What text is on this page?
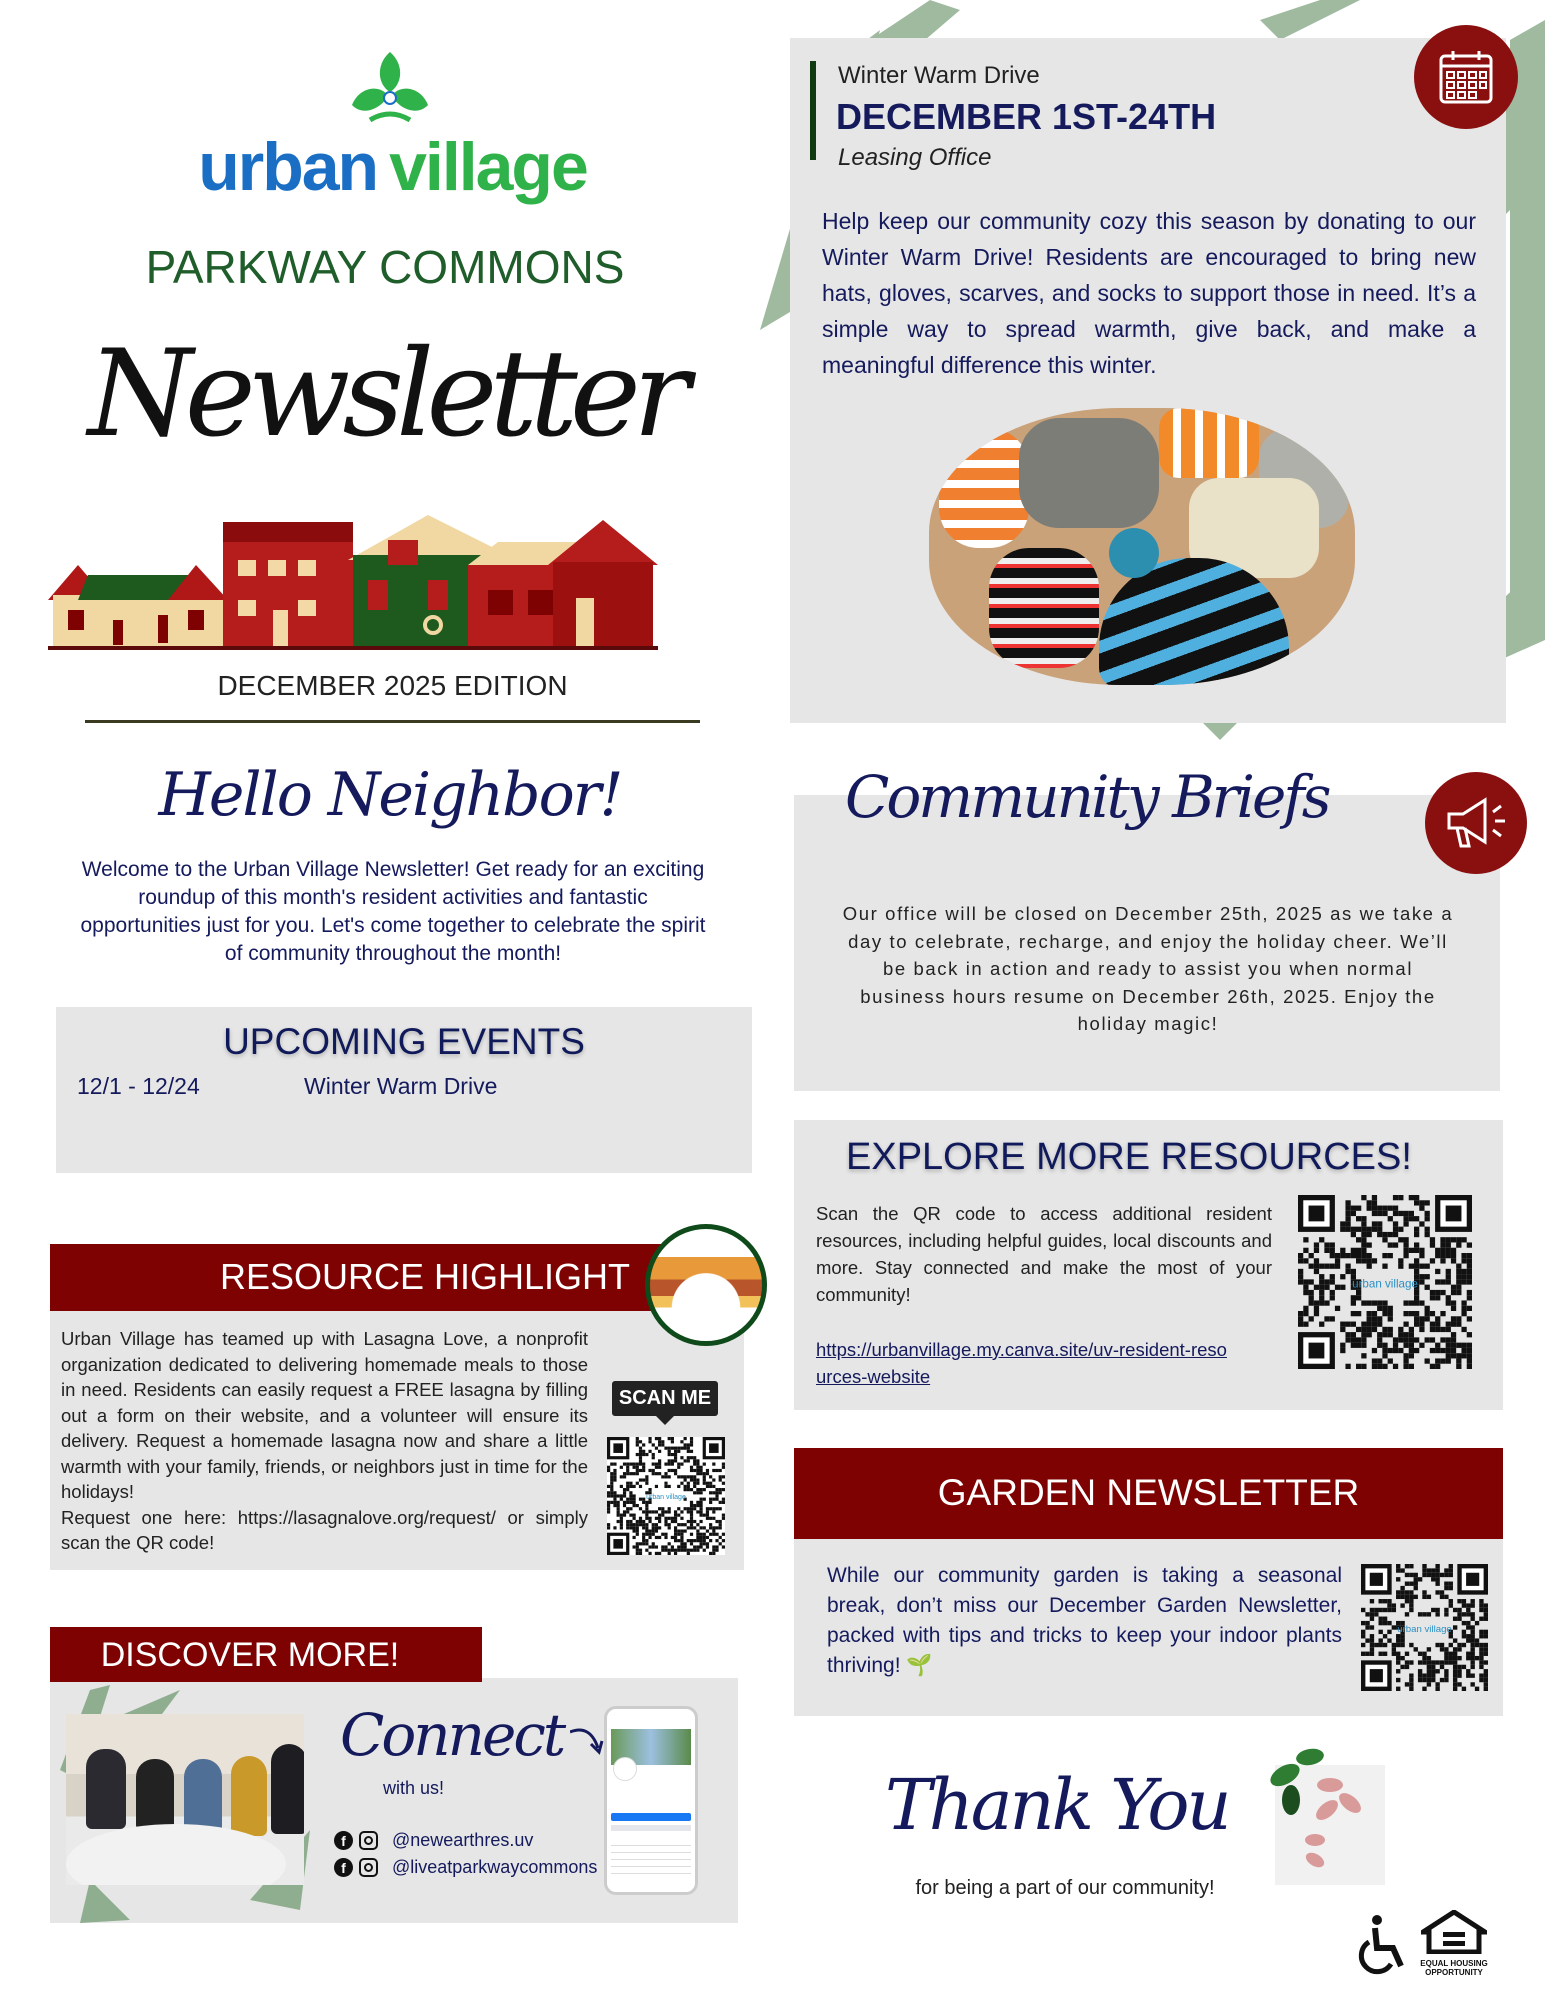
urban village
PARKWAY COMMONS
Newsletter
DECEMBER 2025 EDITION
Hello Neighbor!
Welcome to the Urban Village Newsletter! Get ready for an exciting roundup of this month's resident activities and fantastic opportunities just for you. Let's come together to celebrate the spirit of community throughout the month!
UPCOMING EVENTS
12/1 - 12/24	Winter Warm Drive
RESOURCE HIGHLIGHT
Urban Village has teamed up with Lasagna Love, a nonprofit organization dedicated to delivering homemade meals to those in need. Residents can easily request a FREE lasagna by filling out a form on their website, and a volunteer will ensure its delivery. Request a homemade lasagna now and share a little warmth with your family, friends, or neighbors just in time for the holidays!
Request one here: https://lasagnalove.org/request/ or simply scan the QR code!
SCAN ME
urban village
DISCOVER MORE!
Connect
with us!
f	@newearthres.uv
f	@liveatparkwaycommons
Winter Warm Drive
DECEMBER 1ST-24TH
Leasing Office
Help keep our community cozy this season by donating to our Winter Warm Drive! Residents are encouraged to bring new hats, gloves, scarves, and socks to support those in need. It’s a simple way to spread warmth, give back, and make a meaningful difference this winter.
Community Briefs
Our office will be closed on December 25th, 2025 as we take a day to celebrate, recharge, and enjoy the holiday cheer. We’ll be back in action and ready to assist you when normal business hours resume on December 26th, 2025. Enjoy the holiday magic!
EXPLORE MORE RESOURCES!
Scan the QR code to access additional resident resources, including helpful guides, local discounts and more. Stay connected and make the most of your community!
https://urbanvillage.my.canva.site/uv-resident-resources-website
urban village
GARDEN NEWSLETTER
While our community garden is taking a seasonal break, don’t miss our December Garden Newsletter, packed with tips and tricks to keep your indoor plants thriving! 🌱
urban village
Thank You
for being a part of our community!
EQUAL HOUSING OPPORTUNITY
